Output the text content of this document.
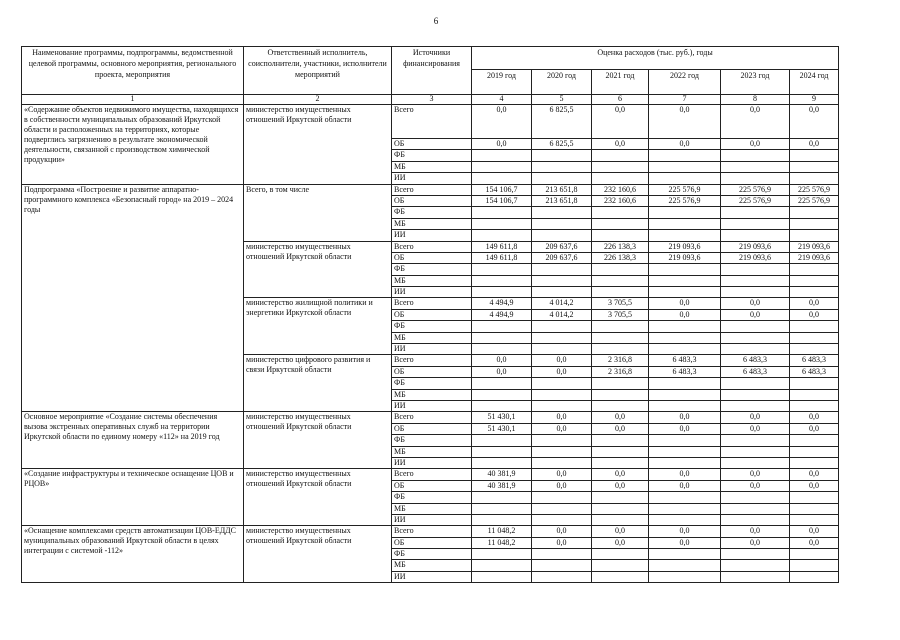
6
Наименование программы, подпрограммы, ведомственной целевой программы, основного мероприятия, регионального проекта, мероприятия	Ответственный исполнитель, соисполнители, участники, исполнители мероприятий	Источники финансирования	Оценка расходов (тыс. руб.), годы					
			2019 год	2020 год	2021 год	2022 год	2023 год	2024 год
1	2	3	4	5	6	7	8	9
«Содержание объектов недвижимого имущества, находящихся в собственности муниципальных образований Иркутской области и расположенных на территориях, которые подверглись загрязнению в результате экономической деятельности, связанной с производством химической продукции»	министерство имущественных отношений Иркутской области	Всего	0,0	6 825,5	0,0	0,0	0,0	0,0
		ОБ	0,0	6 825,5	0,0	0,0	0,0	0,0
		ФБ						
		МБ						
		ИИ						
Подпрограмма «Построение и развитие аппаратно-программного комплекса «Безопасный город» на 2019 – 2024 годы	Всего, в том числе	Всего	154 106,7	213 651,8	232 160,6	225 576,9	225 576,9	225 576,9
		ОБ	154 106,7	213 651,8	232 160,6	225 576,9	225 576,9	225 576,9
		ФБ						
		МБ						
		ИИ						
	министерство имущественных отношений Иркутской области	Всего	149 611,8	209 637,6	226 138,3	219 093,6	219 093,6	219 093,6
		ОБ	149 611,8	209 637,6	226 138,3	219 093,6	219 093,6	219 093,6
		ФБ						
		МБ						
		ИИ						
	министерство жилищной политики и энергетики Иркутской области	Всего	4 494,9	4 014,2	3 705,5	0,0	0,0	0,0
		ОБ	4 494,9	4 014,2	3 705,5	0,0	0,0	0,0
		ФБ						
		МБ						
		ИИ						
	министерство цифрового развития и связи Иркутской области	Всего	0,0	0,0	2 316,8	6 483,3	6 483,3	6 483,3
		ОБ	0,0	0,0	2 316,8	6 483,3	6 483,3	6 483,3
		ФБ						
		МБ						
		ИИ						
Основное мероприятие «Создание системы обеспечения вызова экстренных оперативных служб на территории Иркутской области по единому номеру «112» на 2019 год	министерство имущественных отношений Иркутской области	Всего	51 430,1	0,0	0,0	0,0	0,0	0,0
		ОБ	51 430,1	0,0	0,0	0,0	0,0	0,0
		ФБ						
		МБ						
		ИИ						
«Создание инфраструктуры и техническое оснащение ЦОВ и РЦОВ»	министерство имущественных отношений Иркутской области	Всего	40 381,9	0,0	0,0	0,0	0,0	0,0
		ОБ	40 381,9	0,0	0,0	0,0	0,0	0,0
		ФБ						
		МБ						
		ИИ						
«Оснащение комплексами средств автоматизации ЦОВ-ЕДДС муниципальных образований Иркутской области в целях интеграции с системой -112»	министерство имущественных отношений Иркутской области	Всего	11 048,2	0,0	0,0	0,0	0,0	0,0
		ОБ	11 048,2	0,0	0,0	0,0	0,0	0,0
		ФБ						
		МБ						
		ИИ						
